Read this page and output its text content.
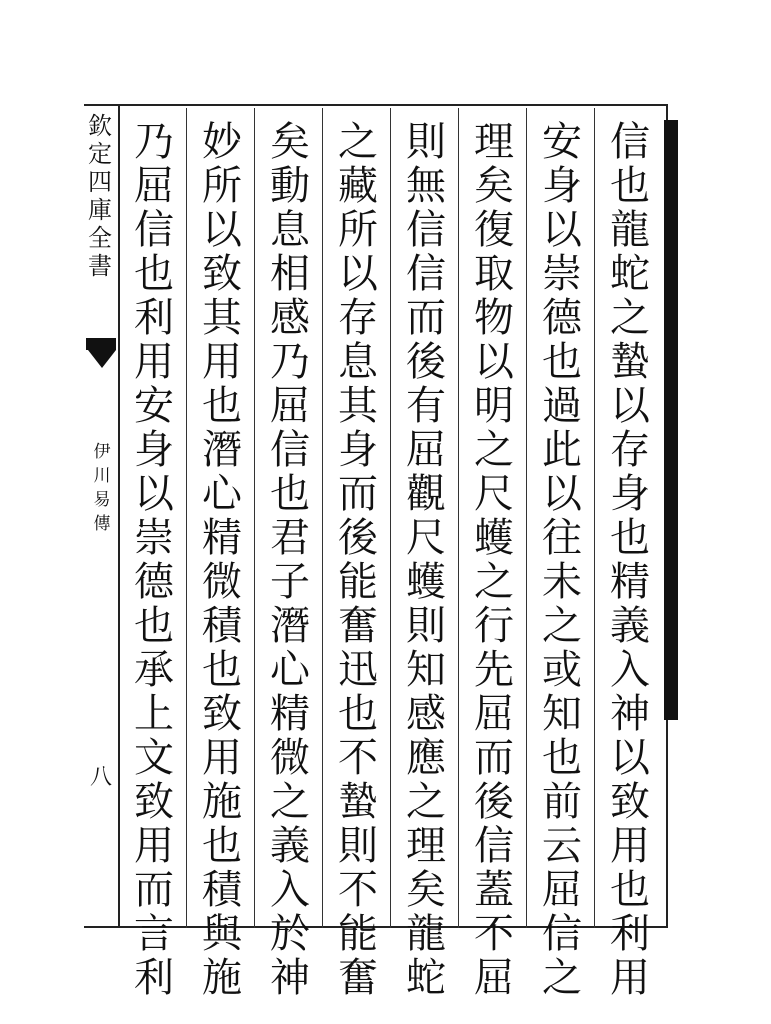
欽
定
四
庫
全
書
伊
川
易
傳
八
信
也
龍
蛇
之
蟄
以
存
身
也
精
義
入
神
以
致
用
也
利
用
安
身
以
崇
德
也
過
此
以
往
未
之
或
知
也
前
云
屈
信
之
理
矣
復
取
物
以
明
之
尺
蠖
之
行
先
屈
而
後
信
蓋
不
屈
則
無
信
信
而
後
有
屈
觀
尺
蠖
則
知
感
應
之
理
矣
龍
蛇
之
藏
所
以
存
息
其
身
而
後
能
奮
迅
也
不
蟄
則
不
能
奮
矣
動
息
相
感
乃
屈
信
也
君
子
潛
心
精
微
之
義
入
於
神
妙
所
以
致
其
用
也
潛
心
精
微
積
也
致
用
施
也
積
與
施
乃
屈
信
也
利
用
安
身
以
崇
德
也
承
上
文
致
用
而
言
利
